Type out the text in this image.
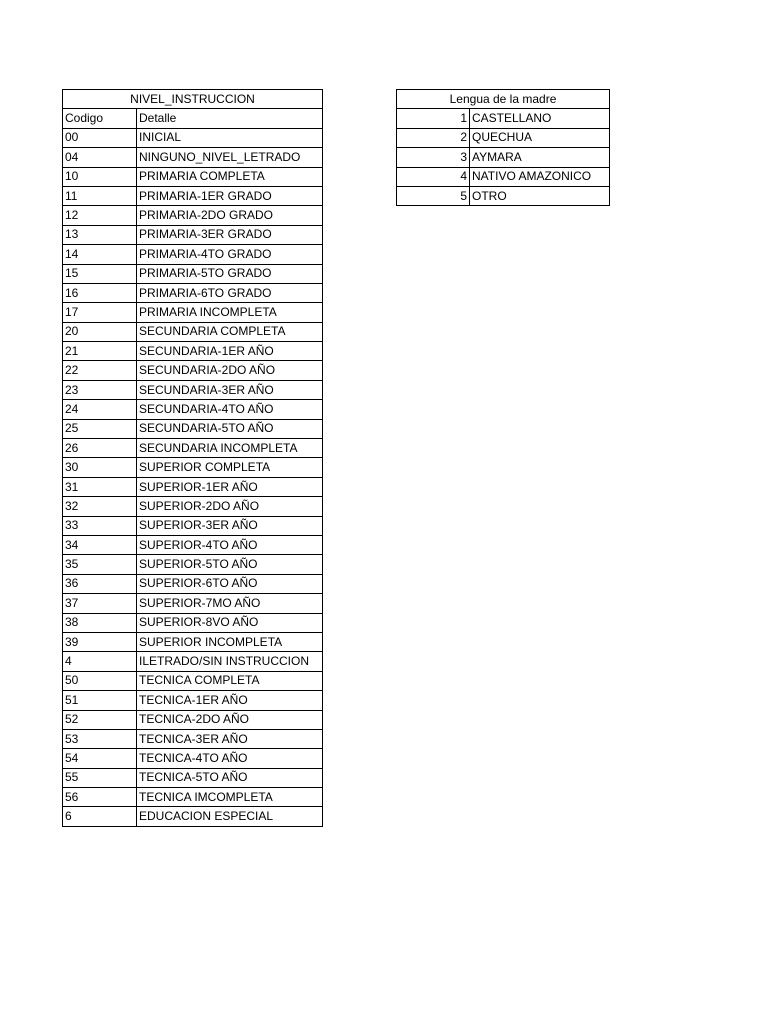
NIVEL_INSTRUCCION	
Codigo	Detalle
00	INICIAL
04	NINGUNO_NIVEL_LETRADO
10	PRIMARIA COMPLETA
11	PRIMARIA-1ER GRADO
12	PRIMARIA-2DO GRADO
13	PRIMARIA-3ER GRADO
14	PRIMARIA-4TO GRADO
15	PRIMARIA-5TO GRADO
16	PRIMARIA-6TO GRADO
17	PRIMARIA INCOMPLETA
20	SECUNDARIA COMPLETA
21	SECUNDARIA-1ER AÑO
22	SECUNDARIA-2DO AÑO
23	SECUNDARIA-3ER AÑO
24	SECUNDARIA-4TO AÑO
25	SECUNDARIA-5TO AÑO
26	SECUNDARIA INCOMPLETA
30	SUPERIOR COMPLETA
31	SUPERIOR-1ER AÑO
32	SUPERIOR-2DO AÑO
33	SUPERIOR-3ER AÑO
34	SUPERIOR-4TO AÑO
35	SUPERIOR-5TO AÑO
36	SUPERIOR-6TO AÑO
37	SUPERIOR-7MO AÑO
38	SUPERIOR-8VO AÑO
39	SUPERIOR INCOMPLETA
4	ILETRADO/SIN INSTRUCCION
50	TECNICA COMPLETA
51	TECNICA-1ER AÑO
52	TECNICA-2DO AÑO
53	TECNICA-3ER AÑO
54	TECNICA-4TO AÑO
55	TECNICA-5TO AÑO
56	TECNICA IMCOMPLETA
6	EDUCACION ESPECIAL
Lengua de la madre	
1	CASTELLANO
2	QUECHUA
3	AYMARA
4	NATIVO AMAZONICO
5	OTRO
